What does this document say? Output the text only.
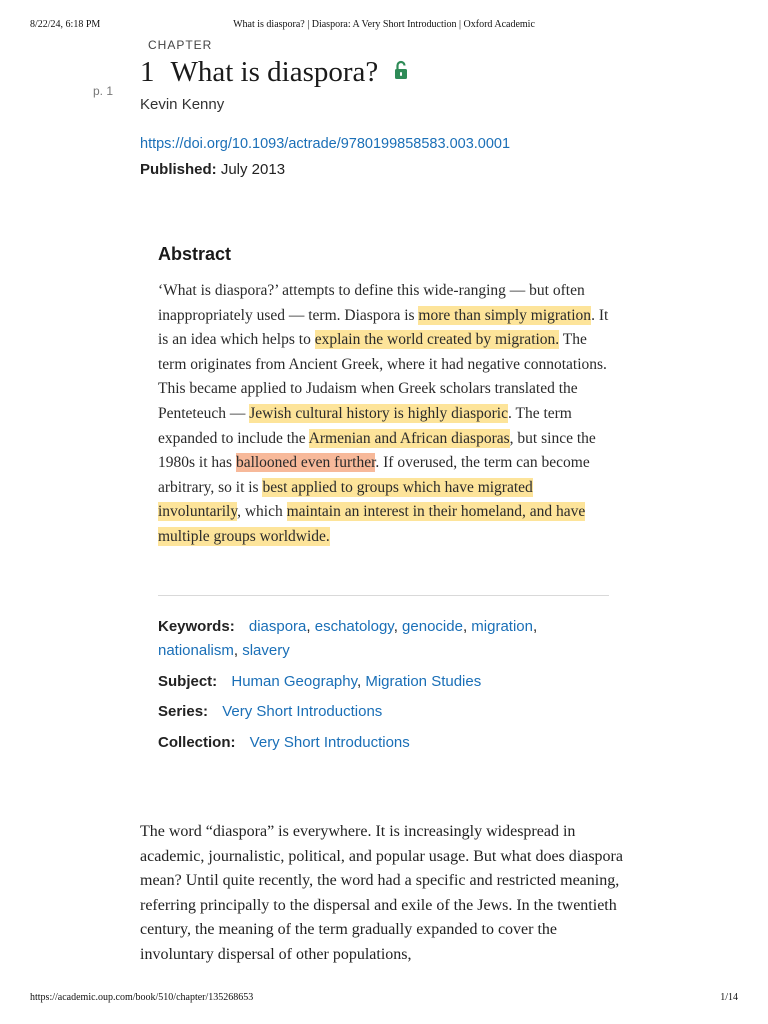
8/22/24, 6:18 PM	What is diaspora? | Diaspora: A Very Short Introduction | Oxford Academic
CHAPTER
p. 1
1 What is diaspora?
Kevin Kenny
https://doi.org/10.1093/actrade/9780199858583.003.0001
Published: July 2013
Abstract

‘What is diaspora?’ attempts to define this wide-ranging — but often inappropriately used — term. Diaspora is more than simply migration. It is an idea which helps to explain the world created by migration. The term originates from Ancient Greek, where it had negative connotations. This became applied to Judaism when Greek scholars translated the Penteteuch — Jewish cultural history is highly diasporic. The term expanded to include the Armenian and African diasporas, but since the 1980s it has ballooned even further. If overused, the term can become arbitrary, so it is best applied to groups which have migrated involuntarily, which maintain an interest in their homeland, and have multiple groups worldwide.

Keywords: diaspora, eschatology, genocide, migration, nationalism, slavery
Subject: Human Geography, Migration Studies
Series: Very Short Introductions
Collection: Very Short Introductions

The word “diaspora” is everywhere. It is increasingly widespread in academic, journalistic, political, and popular usage. But what does diaspora mean? Until quite recently, the word had a specific and restricted meaning, referring principally to the dispersal and exile of the Jews. In the twentieth century, the meaning of the term gradually expanded to cover the involuntary dispersal of other populations,

https://academic.oup.com/book/510/chapter/135268653	1/14
